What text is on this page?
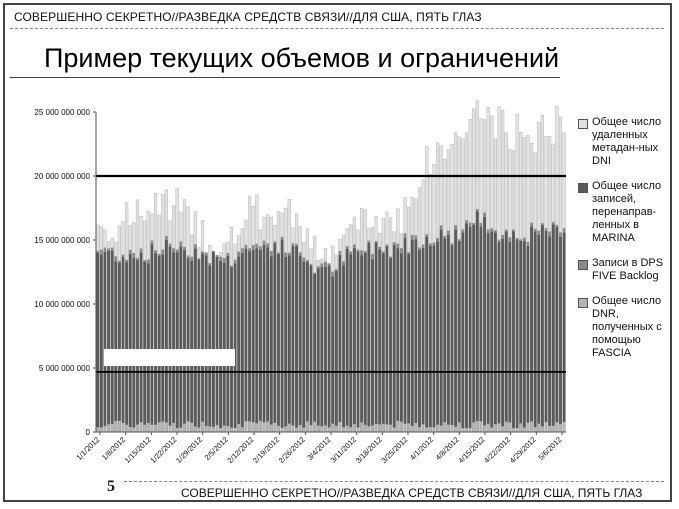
СОВЕРШЕННО СЕКРЕТНО//РАЗВЕДКА СРЕДСТВ СВЯЗИ//ДЛЯ США, ПЯТЬ ГЛАЗ
Пример текущих объемов и ограничений
0
5 000 000 000
10 000 000 000
15 000 000 000
20 000 000 000
25 000 000 000
1/1/2012
1/8/2012
1/15/2012
1/22/2012
1/29/2012
2/5/2012
2/12/2012
2/19/2012
2/26/2012
3/4/2012
3/11/2012
3/18/2012
3/25/2012
4/1/2012
4/8/2012
4/15/2012
4/22/2012
4/29/2012
5/6/2012
Общее число удаленных метадан-ных DNI
Общее число записей, перенаправ-ленных в MARINA
Записи в DPS FIVE Backlog
Общее число DNR, полученных с помощью FASCIA
5	СОВЕРШЕННО СЕКРЕТНО//РАЗВЕДКА СРЕДСТВ СВЯЗИ//ДЛЯ США, ПЯТЬ ГЛАЗ
